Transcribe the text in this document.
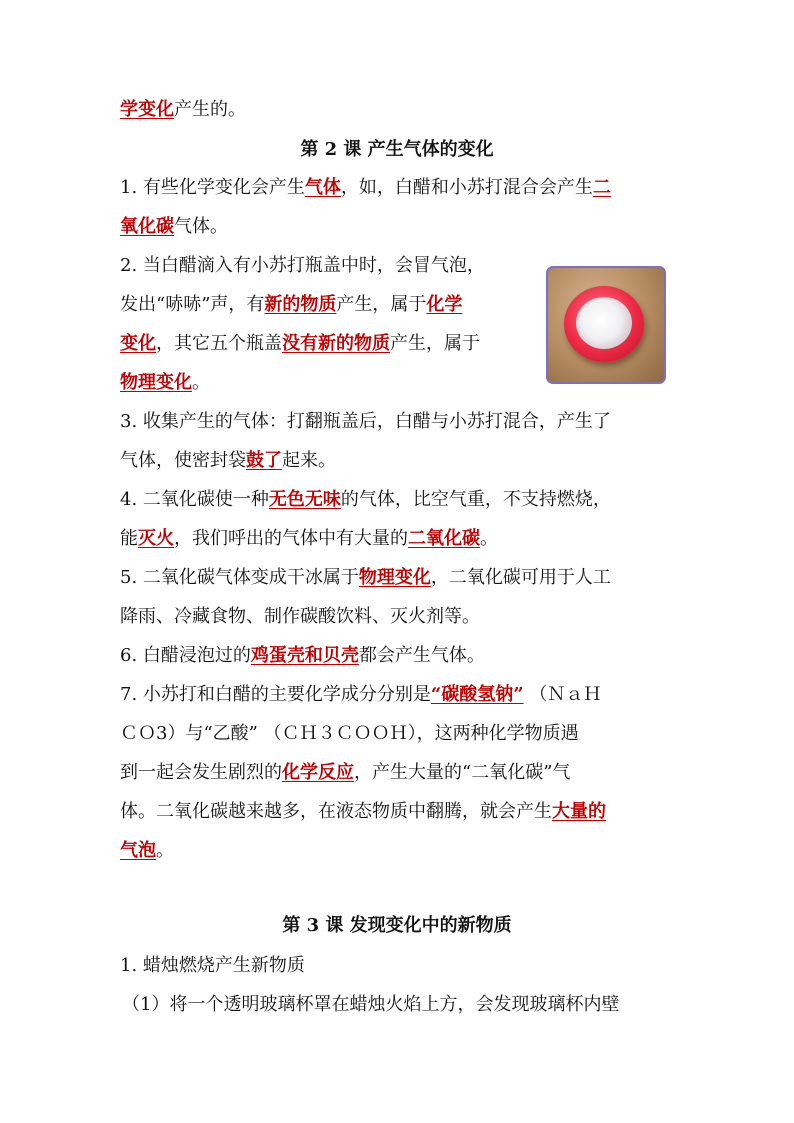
学变化产生的。
第 2 课 产生气体的变化
1. 有些化学变化会产生气体，如，白醋和小苏打混合会产生二
氧化碳气体。
2. 当白醋滴入有小苏打瓶盖中时，会冒气泡，
发出“哧哧”声，有新的物质产生，属于化学
变化，其它五个瓶盖没有新的物质产生，属于
物理变化。
3. 收集产生的气体：打翻瓶盖后，白醋与小苏打混合，产生了
气体，使密封袋鼓了起来。
4. 二氧化碳使一种无色无味的气体，比空气重，不支持燃烧，
能灭火，我们呼出的气体中有大量的二氧化碳。
5. 二氧化碳气体变成干冰属于物理变化，二氧化碳可用于人工
降雨、冷藏食物、制作碳酸饮料、灭火剂等。
6. 白醋浸泡过的鸡蛋壳和贝壳都会产生气体。
7. 小苏打和白醋的主要化学成分分别是“碳酸氢钠” （ＮａＨ
ＣＯ3）与“乙酸” （ＣＨ３ＣＯＯＨ），这两种化学物质遇
到一起会发生剧烈的化学反应，产生大量的“二氧化碳”气
体。二氧化碳越来越多，在液态物质中翻腾，就会产生大量的
气泡。
第 3 课 发现变化中的新物质
1. 蜡烛燃烧产生新物质
（1）将一个透明玻璃杯罩在蜡烛火焰上方，会发现玻璃杯内壁
